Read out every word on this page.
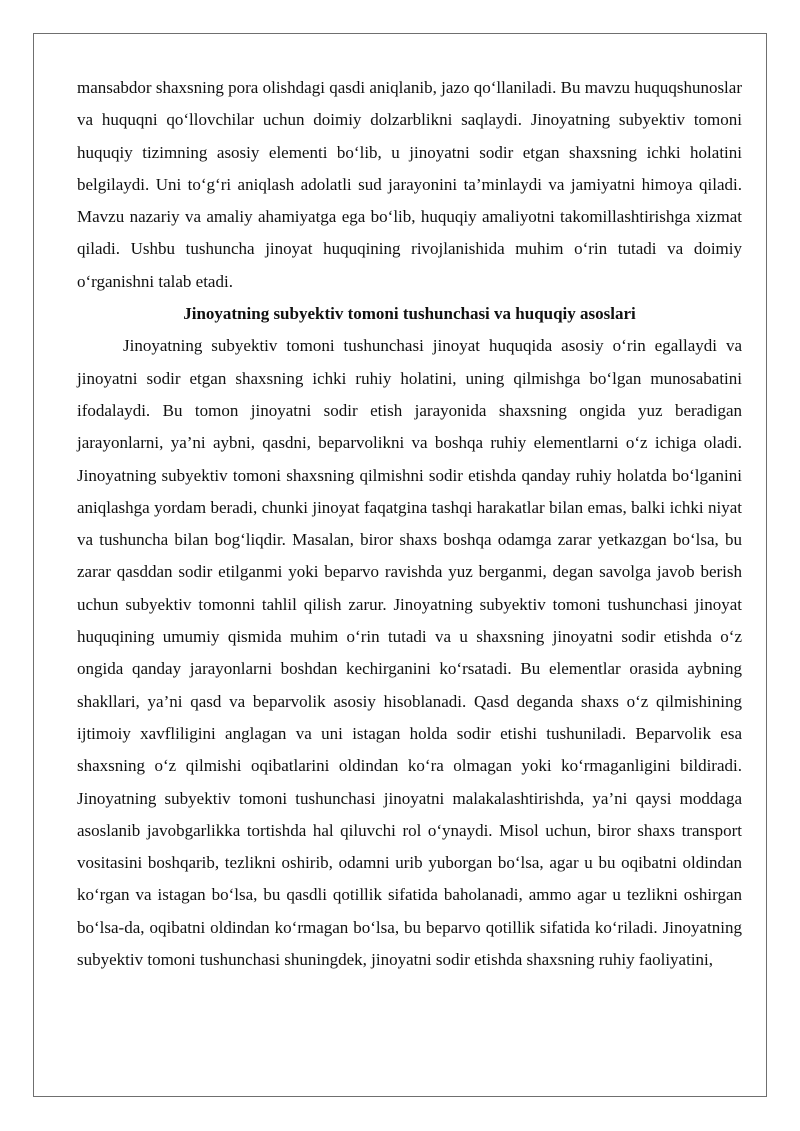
mansabdor shaxsning pora olishdagi qasdi aniqlanib, jazo qo‘llaniladi. Bu mavzu huquqshunoslar va huquqni qo‘llovchilar uchun doimiy dolzarblikni saqlaydi. Jinoyatning subyektiv tomoni huquqiy tizimning asosiy elementi bo‘lib, u jinoyatni sodir etgan shaxsning ichki holatini belgilaydi. Uni to‘g‘ri aniqlash adolatli sud jarayonini ta’minlaydi va jamiyatni himoya qiladi. Mavzu nazariy va amaliy ahamiyatga ega bo‘lib, huquqiy amaliyotni takomillashtirishga xizmat qiladi. Ushbu tushuncha jinoyat huquqining rivojlanishida muhim o‘rin tutadi va doimiy o‘rganishni talab etadi.

Jinoyatning subyektiv tomoni tushunchasi va huquqiy asoslari

Jinoyatning subyektiv tomoni tushunchasi jinoyat huquqida asosiy o‘rin egallaydi va jinoyatni sodir etgan shaxsning ichki ruhiy holatini, uning qilmishga bo‘lgan munosabatini ifodalaydi. Bu tomon jinoyatni sodir etish jarayonida shaxsning ongida yuz beradigan jarayonlarni, ya’ni aybni, qasdni, beparvolikni va boshqa ruhiy elementlarni o‘z ichiga oladi. Jinoyatning subyektiv tomoni shaxsning qilmishni sodir etishda qanday ruhiy holatda bo‘lganini aniqlashga yordam beradi, chunki jinoyat faqatgina tashqi harakatlar bilan emas, balki ichki niyat va tushuncha bilan bog‘liqdir. Masalan, biror shaxs boshqa odamga zarar yetkazgan bo‘lsa, bu zarar qasddan sodir etilganmi yoki beparvo ravishda yuz berganmi, degan savolga javob berish uchun subyektiv tomonni tahlil qilish zarur. Jinoyatning subyektiv tomoni tushunchasi jinoyat huquqining umumiy qismida muhim o‘rin tutadi va u shaxsning jinoyatni sodir etishda o‘z ongida qanday jarayonlarni boshdan kechirganini ko‘rsatadi. Bu elementlar orasida aybning shakllari, ya’ni qasd va beparvolik asosiy hisoblanadi. Qasd deganda shaxs o‘z qilmishining ijtimoiy xavfliligini anglagan va uni istagan holda sodir etishi tushuniladi. Beparvolik esa shaxsning o‘z qilmishi oqibatlarini oldindan ko‘ra olmagan yoki ko‘rmaganligini bildiradi. Jinoyatning subyektiv tomoni tushunchasi jinoyatni malakalashtirishda, ya’ni qaysi moddaga asoslanib javobgarlikka tortishda hal qiluvchi rol o‘ynaydi. Misol uchun, biror shaxs transport vositasini boshqarib, tezlikni oshirib, odamni urib yuborgan bo‘lsa, agar u bu oqibatni oldindan ko‘rgan va istagan bo‘lsa, bu qasdli qotillik sifatida baholanadi, ammo agar u tezlikni oshirgan bo‘lsa-da, oqibatni oldindan ko‘rmagan bo‘lsa, bu beparvo qotillik sifatida ko‘riladi. Jinoyatning subyektiv tomoni tushunchasi shuningdek, jinoyatni sodir etishda shaxsning ruhiy faoliyatini,
